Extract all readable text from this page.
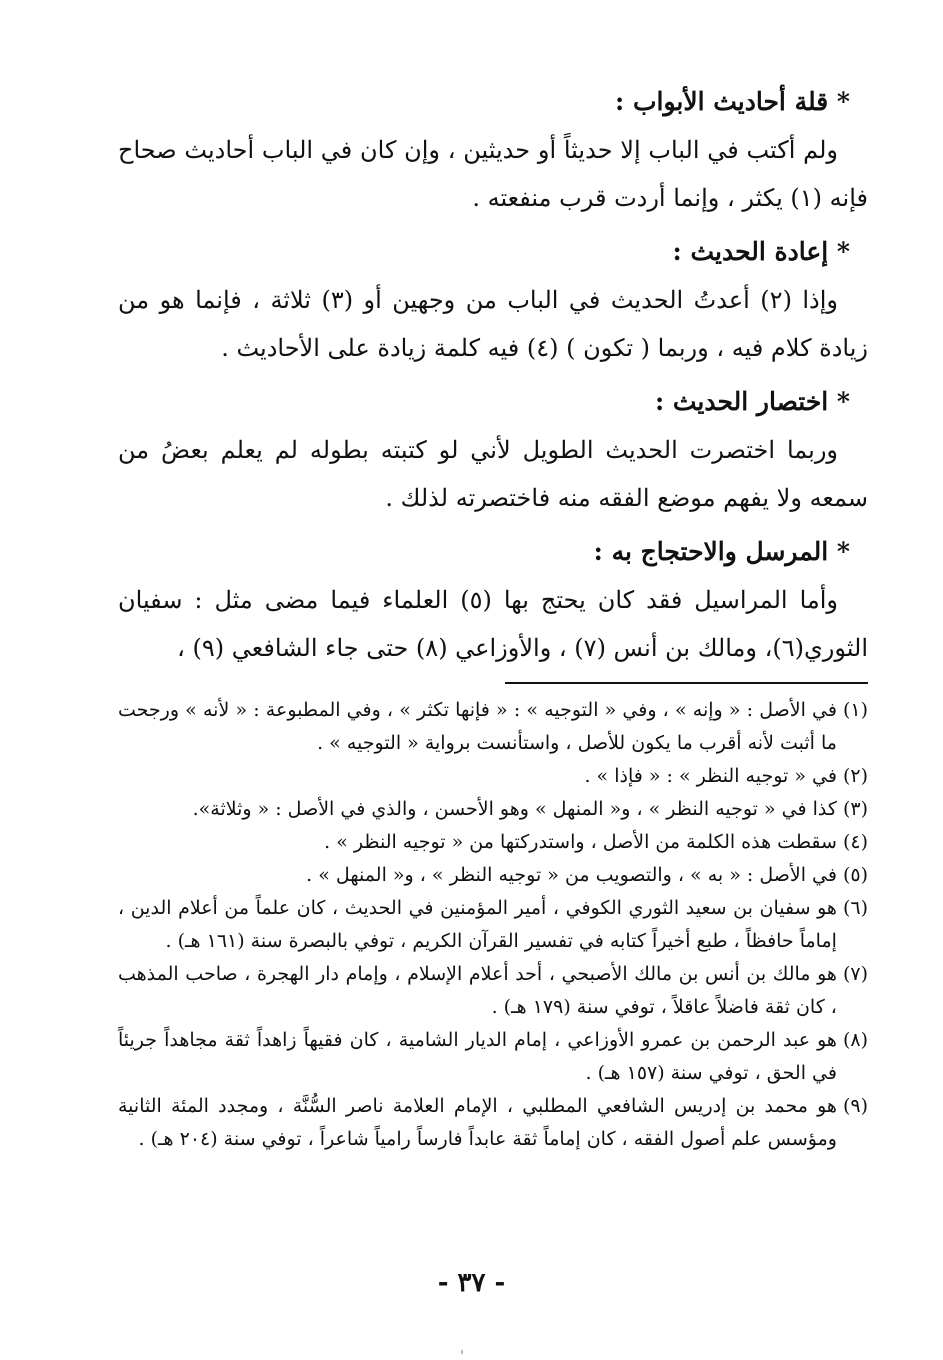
* قلة أحاديث الأبواب :
ولم أكتب في الباب إلا حديثاً أو حديثين ، وإن كان في الباب أحاديث صحاح فإنه (١) يكثر ، وإنما أردت قرب منفعته .
* إعادة الحديث :
وإذا (٢) أعدتُ الحديث في الباب من وجهين أو (٣) ثلاثة ، فإنما هو من زيادة كلام فيه ، وربما ( تكون ) (٤) فيه كلمة زيادة على الأحاديث .
* اختصار الحديث :
وربما اختصرت الحديث الطويل لأني لو كتبته بطوله لم يعلم بعضُ من سمعه ولا يفهم موضع الفقه منه فاختصرته لذلك .
* المرسل والاحتجاج به :
وأما المراسيل فقد كان يحتج بها (٥) العلماء فيما مضى مثل : سفيان الثوري(٦)، ومالك بن أنس (٧) ، والأوزاعي (٨) حتى جاء الشافعي (٩) ،
(١)
في الأصل : « وإنه » ، وفي « التوجيه » : « فإنها تكثر » ، وفي المطبوعة : « لأنه » ورجحت ما أثبت لأنه أقرب ما يكون للأصل ، واستأنست برواية « التوجيه » .
(٢)
في « توجيه النظر » : « فإذا » .
(٣)
كذا في « توجيه النظر » ، و« المنهل » وهو الأحسن ، والذي في الأصل : « وثلاثة».
(٤)
سقطت هذه الكلمة من الأصل ، واستدركتها من « توجيه النظر » .
(٥)
في الأصل : « به » ، والتصويب من « توجيه النظر » ، و« المنهل » .
(٦)
هو سفيان بن سعيد الثوري الكوفي ، أمير المؤمنين في الحديث ، كان علماً من أعلام الدين ، إماماً حافظاً ، طبع أخيراً كتابه في تفسير القرآن الكريم ، توفي بالبصرة سنة (١٦١ هـ) .
(٧)
هو مالك بن أنس بن مالك الأصبحي ، أحد أعلام الإسلام ، وإمام دار الهجرة ، صاحب المذهب ، كان ثقة فاضلاً عاقلاً ، توفي سنة (١٧٩ هـ) .
(٨)
هو عبد الرحمن بن عمرو الأوزاعي ، إمام الديار الشامية ، كان فقيهاً زاهداً ثقة مجاهداً جريئاً في الحق ، توفي سنة (١٥٧ هـ) .
(٩)
هو محمد بن إدريس الشافعي المطلبي ، الإمام العلامة ناصر السُّنَّة ، ومجدد المئة الثانية ومؤسس علم أصول الفقه ، كان إماماً ثقة عابداً فارساً رامياً شاعراً ، توفي سنة (٢٠٤ هـ) .
- ٣٧ -
